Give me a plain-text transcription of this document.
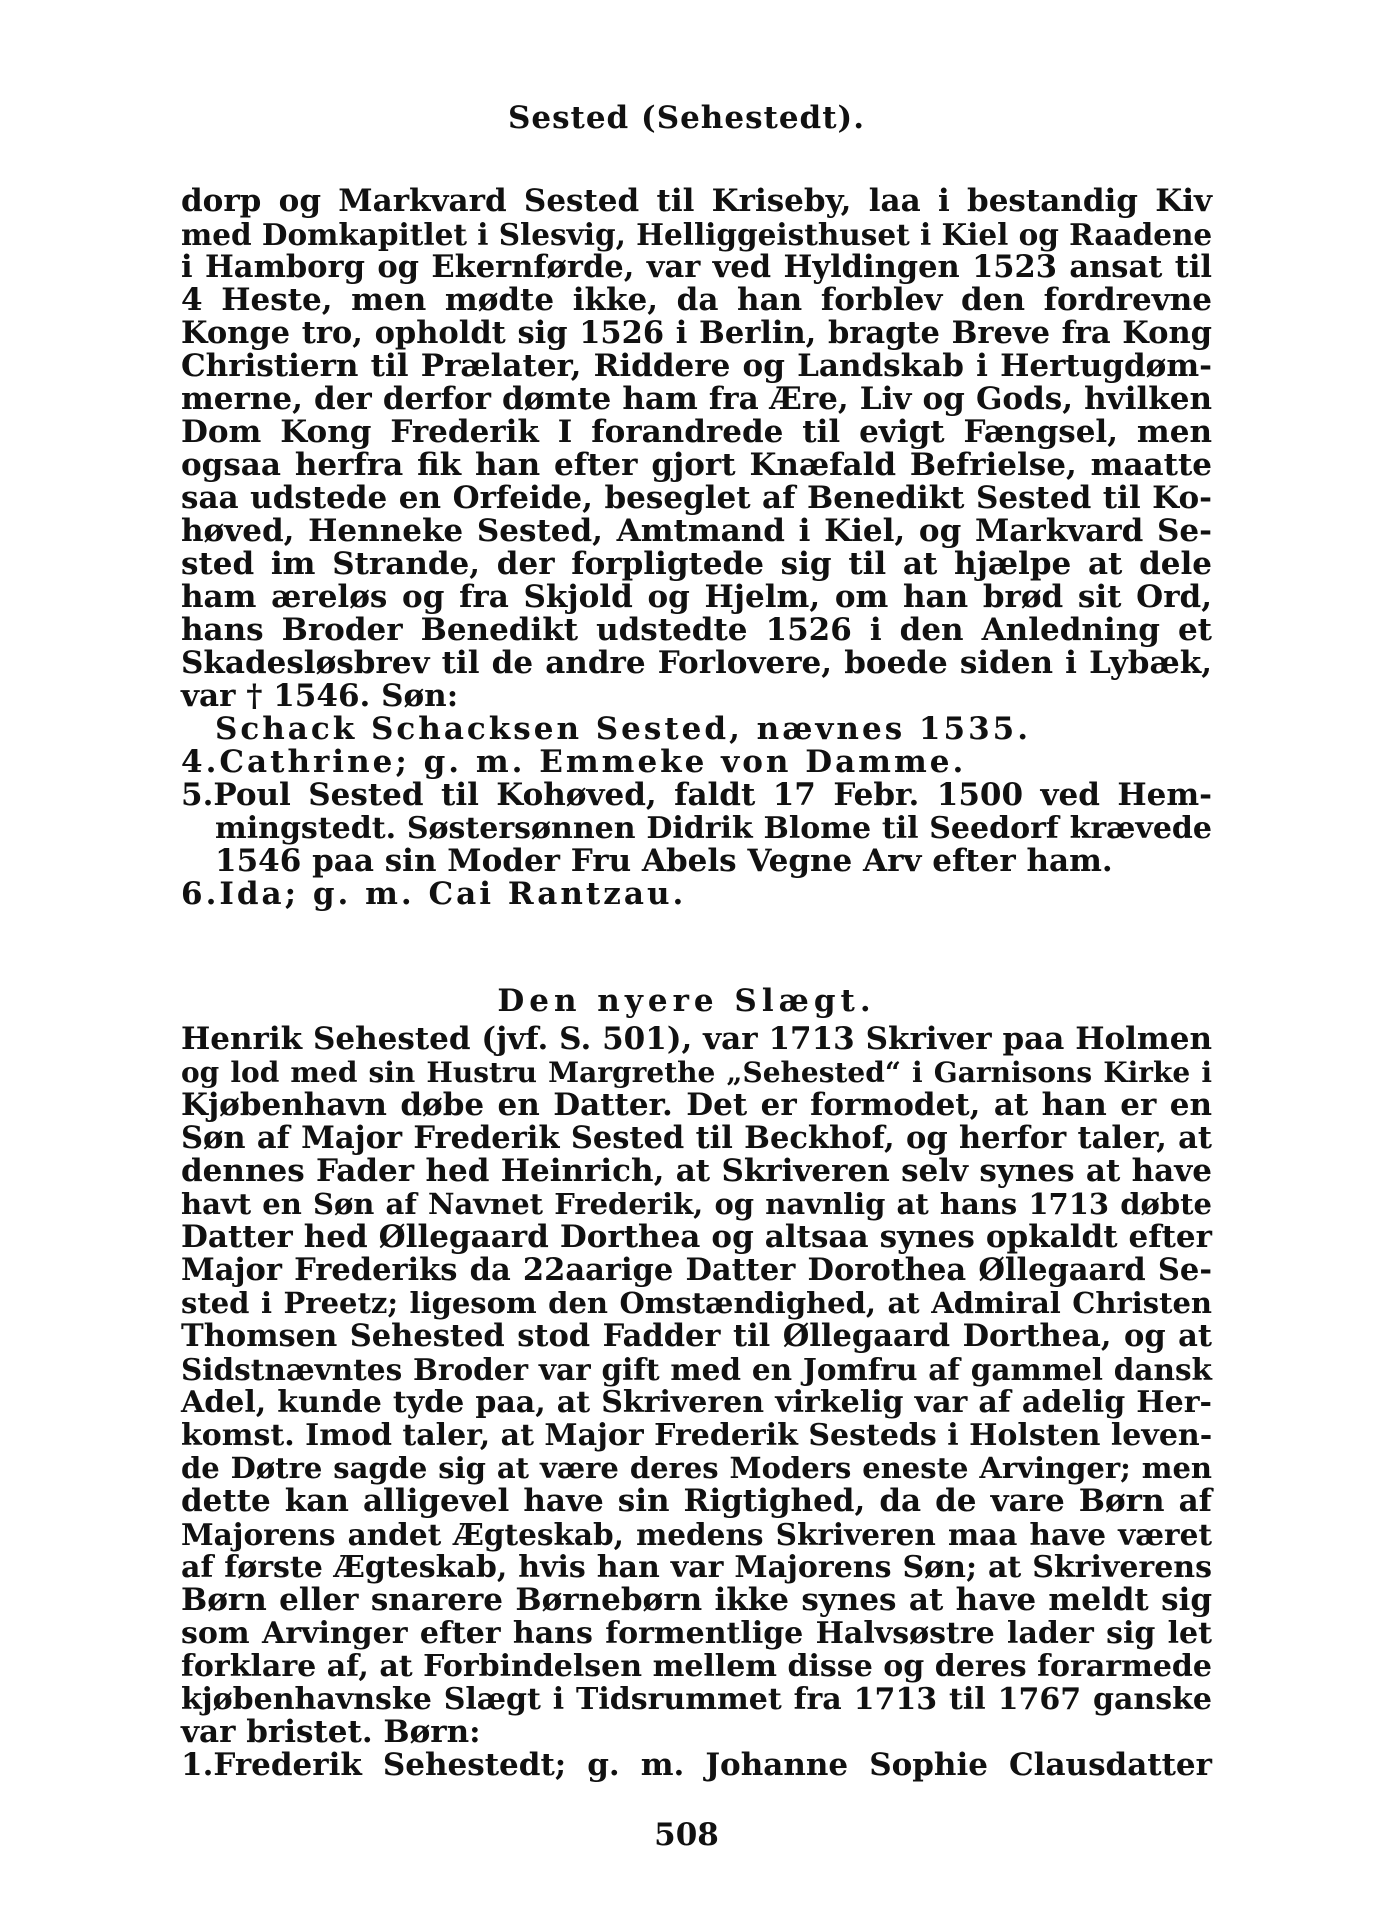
Sested (Sehestedt).
dorp og Markvard Sested til Kriseby, laa i bestandig Kiv
med Domkapitlet i Slesvig, Helliggeisthuset i Kiel og Raadene
i Hamborg og Ekernførde, var ved Hyldingen 1523 ansat til
4 Heste, men mødte ikke, da han forblev den fordrevne
Konge tro, opholdt sig 1526 i Berlin, bragte Breve fra Kong
Christiern til Prælater, Riddere og Landskab i Hertugdøm-
merne, der derfor dømte ham fra Ære, Liv og Gods, hvilken
Dom Kong Frederik I forandrede til evigt Fængsel, men
ogsaa herfra fik han efter gjort Knæfald Befrielse, maatte
saa udstede en Orfeide, beseglet af Benedikt Sested til Ko-
høved, Henneke Sested, Amtmand i Kiel, og Markvard Se-
sted im Strande, der forpligtede sig til at hjælpe at dele
ham æreløs og fra Skjold og Hjelm, om han brød sit Ord,
hans Broder Benedikt udstedte 1526 i den Anledning et
Skadesløsbrev til de andre Forlovere, boede siden i Lybæk,
var † 1546. Søn:
Schack Schacksen Sested, nævnes 1535.
4.Cathrine; g. m. Emmeke von Damme.
5.Poul Sested til Kohøved, faldt 17 Febr. 1500 ved Hem-
mingstedt. Søstersønnen Didrik Blome til Seedorf krævede
1546 paa sin Moder Fru Abels Vegne Arv efter ham.
6.Ida; g. m. Cai Rantzau.
Den nyere Slægt.
Henrik Sehested (jvf. S. 501), var 1713 Skriver paa Holmen
og lod med sin Hustru Margrethe „Sehested“ i Garnisons Kirke i
Kjøbenhavn døbe en Datter. Det er formodet, at han er en
Søn af Major Frederik Sested til Beckhof, og herfor taler, at
dennes Fader hed Heinrich, at Skriveren selv synes at have
havt en Søn af Navnet Frederik, og navnlig at hans 1713 døbte
Datter hed Øllegaard Dorthea og altsaa synes opkaldt efter
Major Frederiks da 22aarige Datter Dorothea Øllegaard Se-
sted i Preetz; ligesom den Omstændighed, at Admiral Christen
Thomsen Sehested stod Fadder til Øllegaard Dorthea, og at
Sidstnævntes Broder var gift med en Jomfru af gammel dansk
Adel, kunde tyde paa, at Skriveren virkelig var af adelig Her-
komst. Imod taler, at Major Frederik Sesteds i Holsten leven-
de Døtre sagde sig at være deres Moders eneste Arvinger; men
dette kan alligevel have sin Rigtighed, da de vare Børn af
Majorens andet Ægteskab, medens Skriveren maa have været
af første Ægteskab, hvis han var Majorens Søn; at Skriverens
Børn eller snarere Børnebørn ikke synes at have meldt sig
som Arvinger efter hans formentlige Halvsøstre lader sig let
forklare af, at Forbindelsen mellem disse og deres forarmede
kjøbenhavnske Slægt i Tidsrummet fra 1713 til 1767 ganske
var bristet. Børn:
1.Frederik Sehestedt; g. m. Johanne Sophie Clausdatter
508
